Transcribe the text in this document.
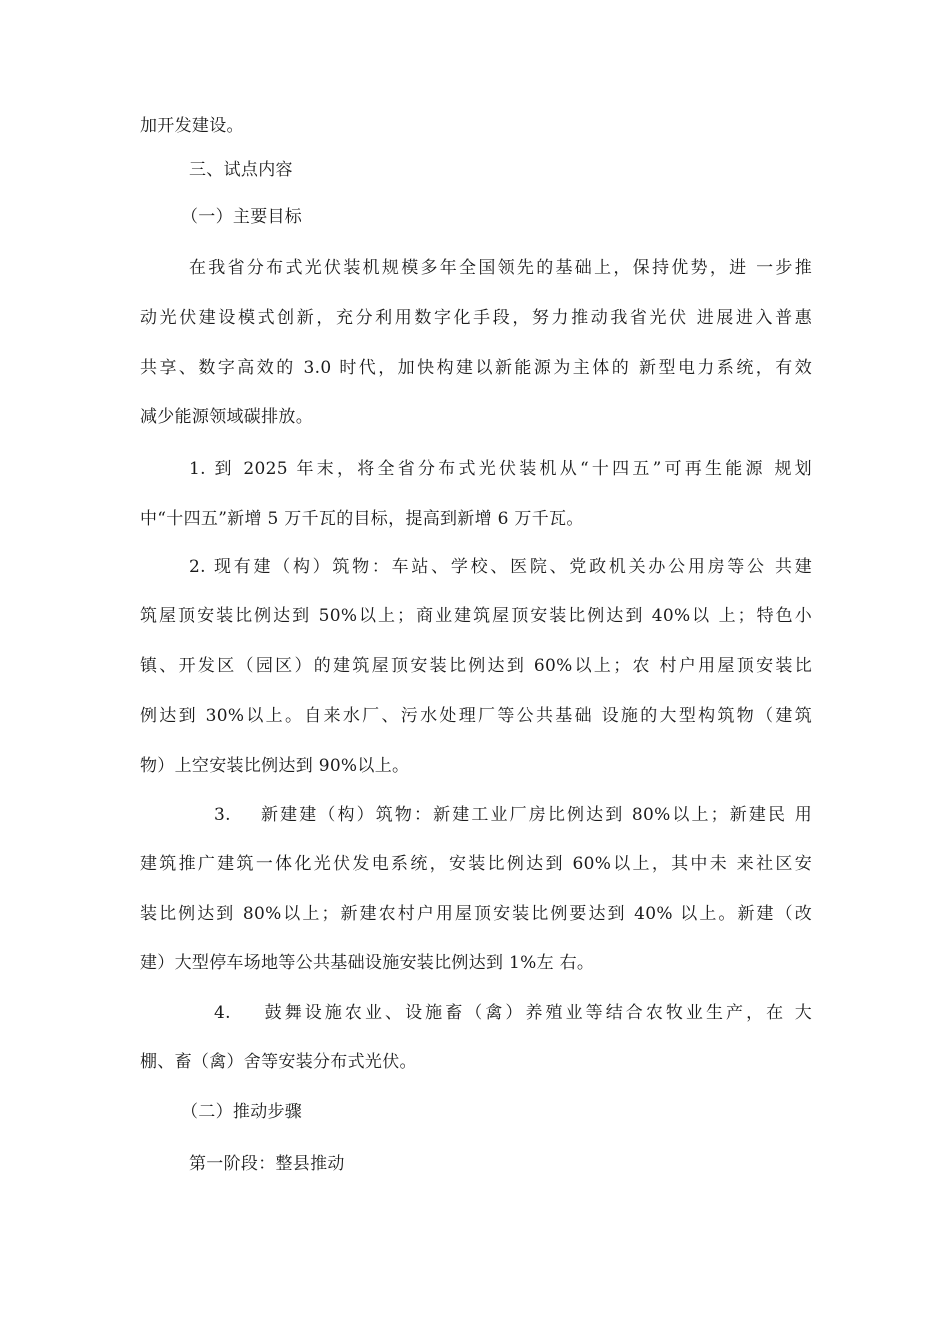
加开发建设。
三、试点内容
（一）主要目标
在我省分布式光伏装机规模多年全国领先的基础上，保持优势，进 一步推
动光伏建设模式创新，充分利用数字化手段，努力推动我省光伏 进展进入普惠
共享、数字高效的 3.0 时代，加快构建以新能源为主体的 新型电力系统，有效
减少能源领域碳排放。
1. 到 2025 年末，将全省分布式光伏装机从“十四五”可再生能源 规划
中“十四五”新增 5 万千瓦的目标，提高到新增 6 万千瓦。
2. 现有建（构）筑物：车站、学校、医院、党政机关办公用房等公 共建
筑屋顶安装比例达到 50%以上；商业建筑屋顶安装比例达到 40%以 上；特色小
镇、开发区（园区）的建筑屋顶安装比例达到 60%以上；农 村户用屋顶安装比
例达到 30%以上。自来水厂、污水处理厂等公共基础 设施的大型构筑物（建筑
物）上空安装比例达到 90%以上。
3.    新建建（构）筑物：新建工业厂房比例达到 80%以上；新建民 用
建筑推广建筑一体化光伏发电系统，安装比例达到 60%以上，其中未 来社区安
装比例达到 80%以上；新建农村户用屋顶安装比例要达到 40% 以上。新建（改
建）大型停车场地等公共基础设施安装比例达到 1%左 右。
4.    鼓舞设施农业、设施畜（禽）养殖业等结合农牧业生产，在 大
棚、畜（禽）舍等安装分布式光伏。
（二）推动步骤
第一阶段：整县推动
